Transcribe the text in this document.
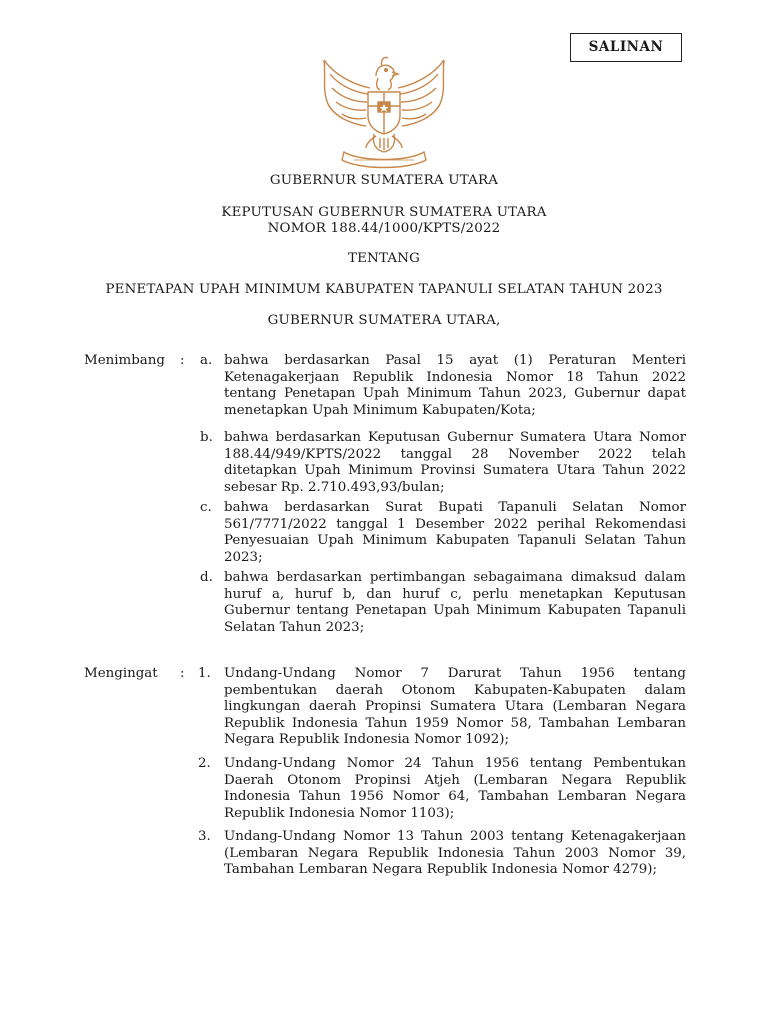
SALINAN
GUBERNUR SUMATERA UTARA
KEPUTUSAN GUBERNUR SUMATERA UTARA
NOMOR 188.44/1000/KPTS/2022
TENTANG
PENETAPAN UPAH MINIMUM KABUPATEN TAPANULI SELATAN TAHUN 2023
GUBERNUR SUMATERA UTARA,
Menimbang	: a. bahwa berdasarkan Pasal 15 ayat (1) Peraturan Menteri Ketenagakerjaan Republik Indonesia Nomor 18 Tahun 2022 tentang Penetapan Upah Minimum Tahun 2023, Gubernur dapat menetapkan Upah Minimum Kabupaten/Kota;
b. bahwa berdasarkan Keputusan Gubernur Sumatera Utara Nomor 188.44/949/KPTS/2022 tanggal 28 November 2022 telah ditetapkan Upah Minimum Provinsi Sumatera Utara Tahun 2022 sebesar Rp. 2.710.493,93/bulan;
c. bahwa berdasarkan Surat Bupati Tapanuli Selatan Nomor 561/7771/2022 tanggal 1 Desember 2022 perihal Rekomendasi Penyesuaian Upah Minimum Kabupaten Tapanuli Selatan Tahun 2023;
d. bahwa berdasarkan pertimbangan sebagaimana dimaksud dalam huruf a, huruf b, dan huruf c, perlu menetapkan Keputusan Gubernur tentang Penetapan Upah Minimum Kabupaten Tapanuli Selatan Tahun 2023;
Mengingat	: 1. Undang-Undang Nomor 7 Darurat Tahun 1956 tentang pembentukan daerah Otonom Kabupaten-Kabupaten dalam lingkungan daerah Propinsi Sumatera Utara (Lembaran Negara Republik Indonesia Tahun 1959 Nomor 58, Tambahan Lembaran Negara Republik Indonesia Nomor 1092);
2. Undang-Undang Nomor 24 Tahun 1956 tentang Pembentukan Daerah Otonom Propinsi Atjeh (Lembaran Negara Republik Indonesia Tahun 1956 Nomor 64, Tambahan Lembaran Negara Republik Indonesia Nomor 1103);
3. Undang-Undang Nomor 13 Tahun 2003 tentang Ketenagakerjaan (Lembaran Negara Republik Indonesia Tahun 2003 Nomor 39, Tambahan Lembaran Negara Republik Indonesia Nomor 4279);
